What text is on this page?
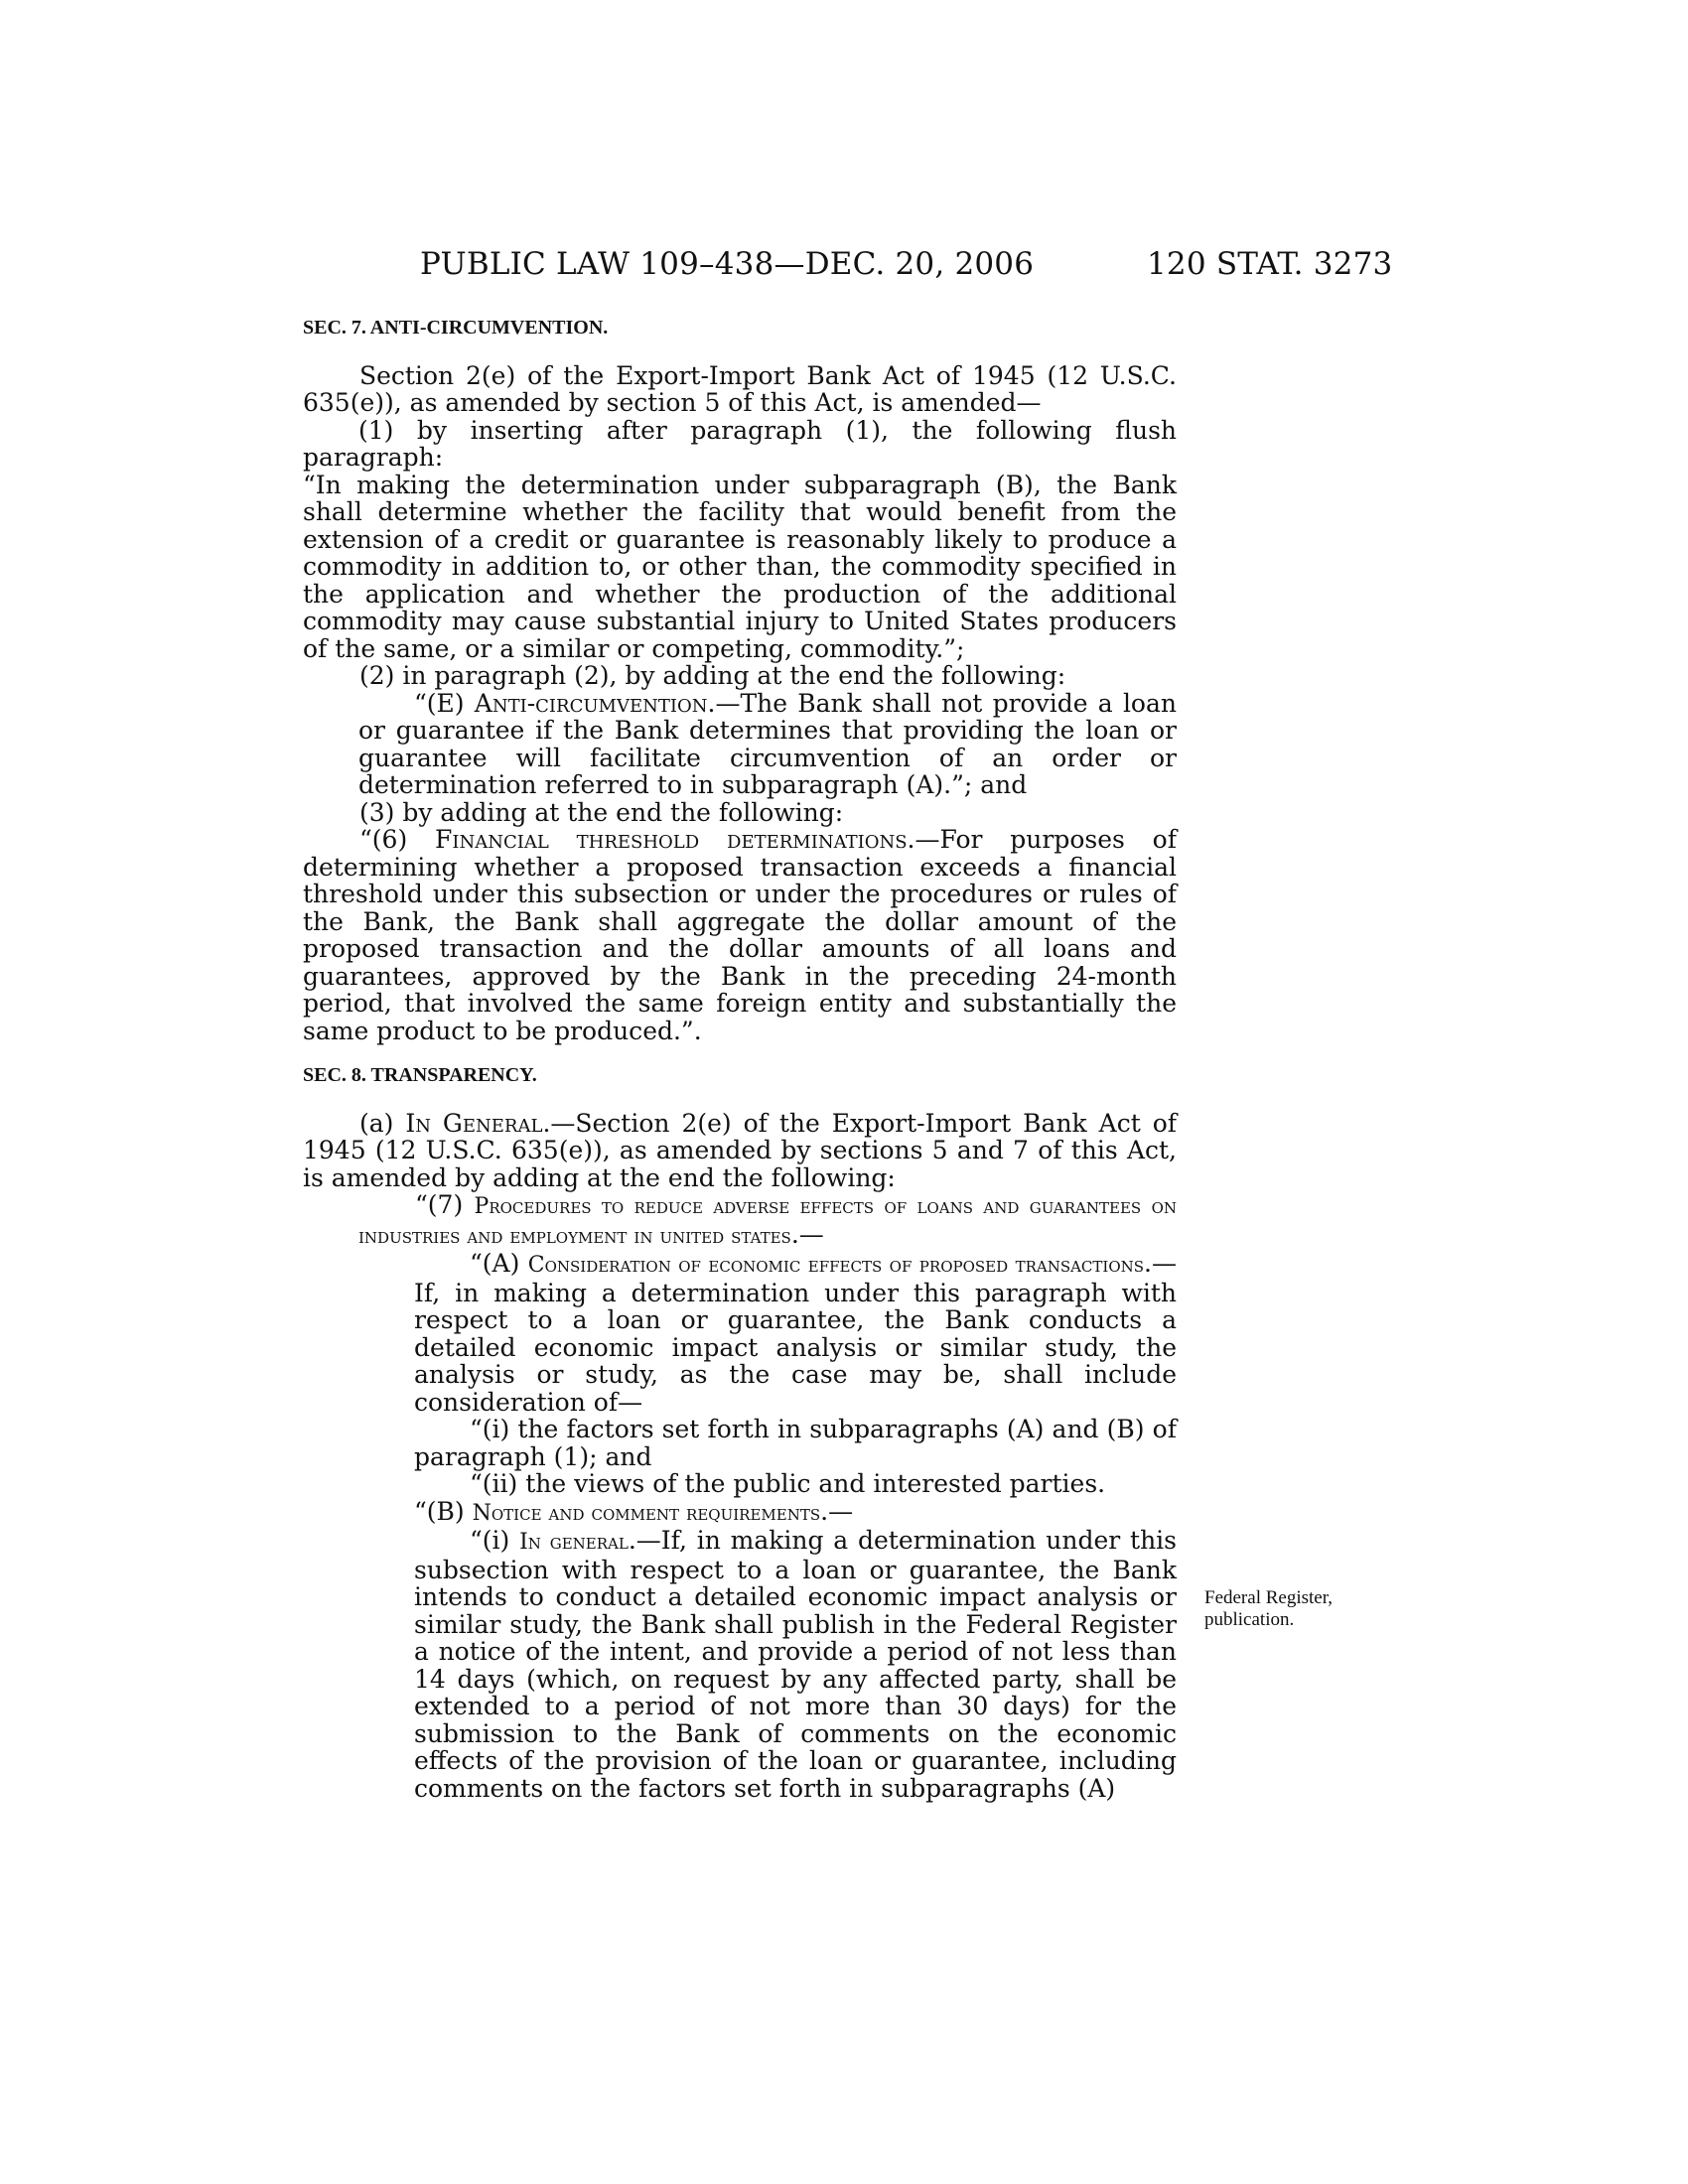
PUBLIC LAW 109–438—DEC. 20, 2006	120 STAT. 3273
SEC. 7. ANTI-CIRCUMVENTION.

Section 2(e) of the Export-Import Bank Act of 1945 (12 U.S.C. 635(e)), as amended by section 5 of this Act, is amended—

(1) by inserting after paragraph (1), the following flush paragraph:

“In making the determination under subparagraph (B), the Bank shall determine whether the facility that would benefit from the extension of a credit or guarantee is reasonably likely to produce a commodity in addition to, or other than, the commodity specified in the application and whether the production of the additional commodity may cause substantial injury to United States producers of the same, or a similar or competing, commodity.”;

(2) in paragraph (2), by adding at the end the following:

“(E) Anti-circumvention.—The Bank shall not provide a loan or guarantee if the Bank determines that providing the loan or guarantee will facilitate circumvention of an order or determination referred to in subparagraph (A).”; and

(3) by adding at the end the following:

“(6) Financial threshold determinations.—For purposes of determining whether a proposed transaction exceeds a financial threshold under this subsection or under the procedures or rules of the Bank, the Bank shall aggregate the dollar amount of the proposed transaction and the dollar amounts of all loans and guarantees, approved by the Bank in the preceding 24-month period, that involved the same foreign entity and substantially the same product to be produced.”.

SEC. 8. TRANSPARENCY.

(a) In General.—Section 2(e) of the Export-Import Bank Act of 1945 (12 U.S.C. 635(e)), as amended by sections 5 and 7 of this Act, is amended by adding at the end the following:

“(7) Procedures to reduce adverse effects of loans and guarantees on industries and employment in united states.—

“(A) Consideration of economic effects of proposed transactions.—If, in making a determination under this paragraph with respect to a loan or guarantee, the Bank conducts a detailed economic impact analysis or similar study, the analysis or study, as the case may be, shall include consideration of—

“(i) the factors set forth in subparagraphs (A) and (B) of paragraph (1); and

“(ii) the views of the public and interested parties.

“(B) Notice and comment requirements.—

“(i) In general.—If, in making a determination under this subsection with respect to a loan or guarantee, the Bank intends to conduct a detailed economic impact analysis or similar study, the Bank shall publish in the Federal Register a notice of the intent, and provide a period of not less than 14 days (which, on request by any affected party, shall be extended to a period of not more than 30 days) for the submission to the Bank of comments on the economic effects of the provision of the loan or guarantee, including comments on the factors set forth in subparagraphs (A)

Federal Register,
publication.
